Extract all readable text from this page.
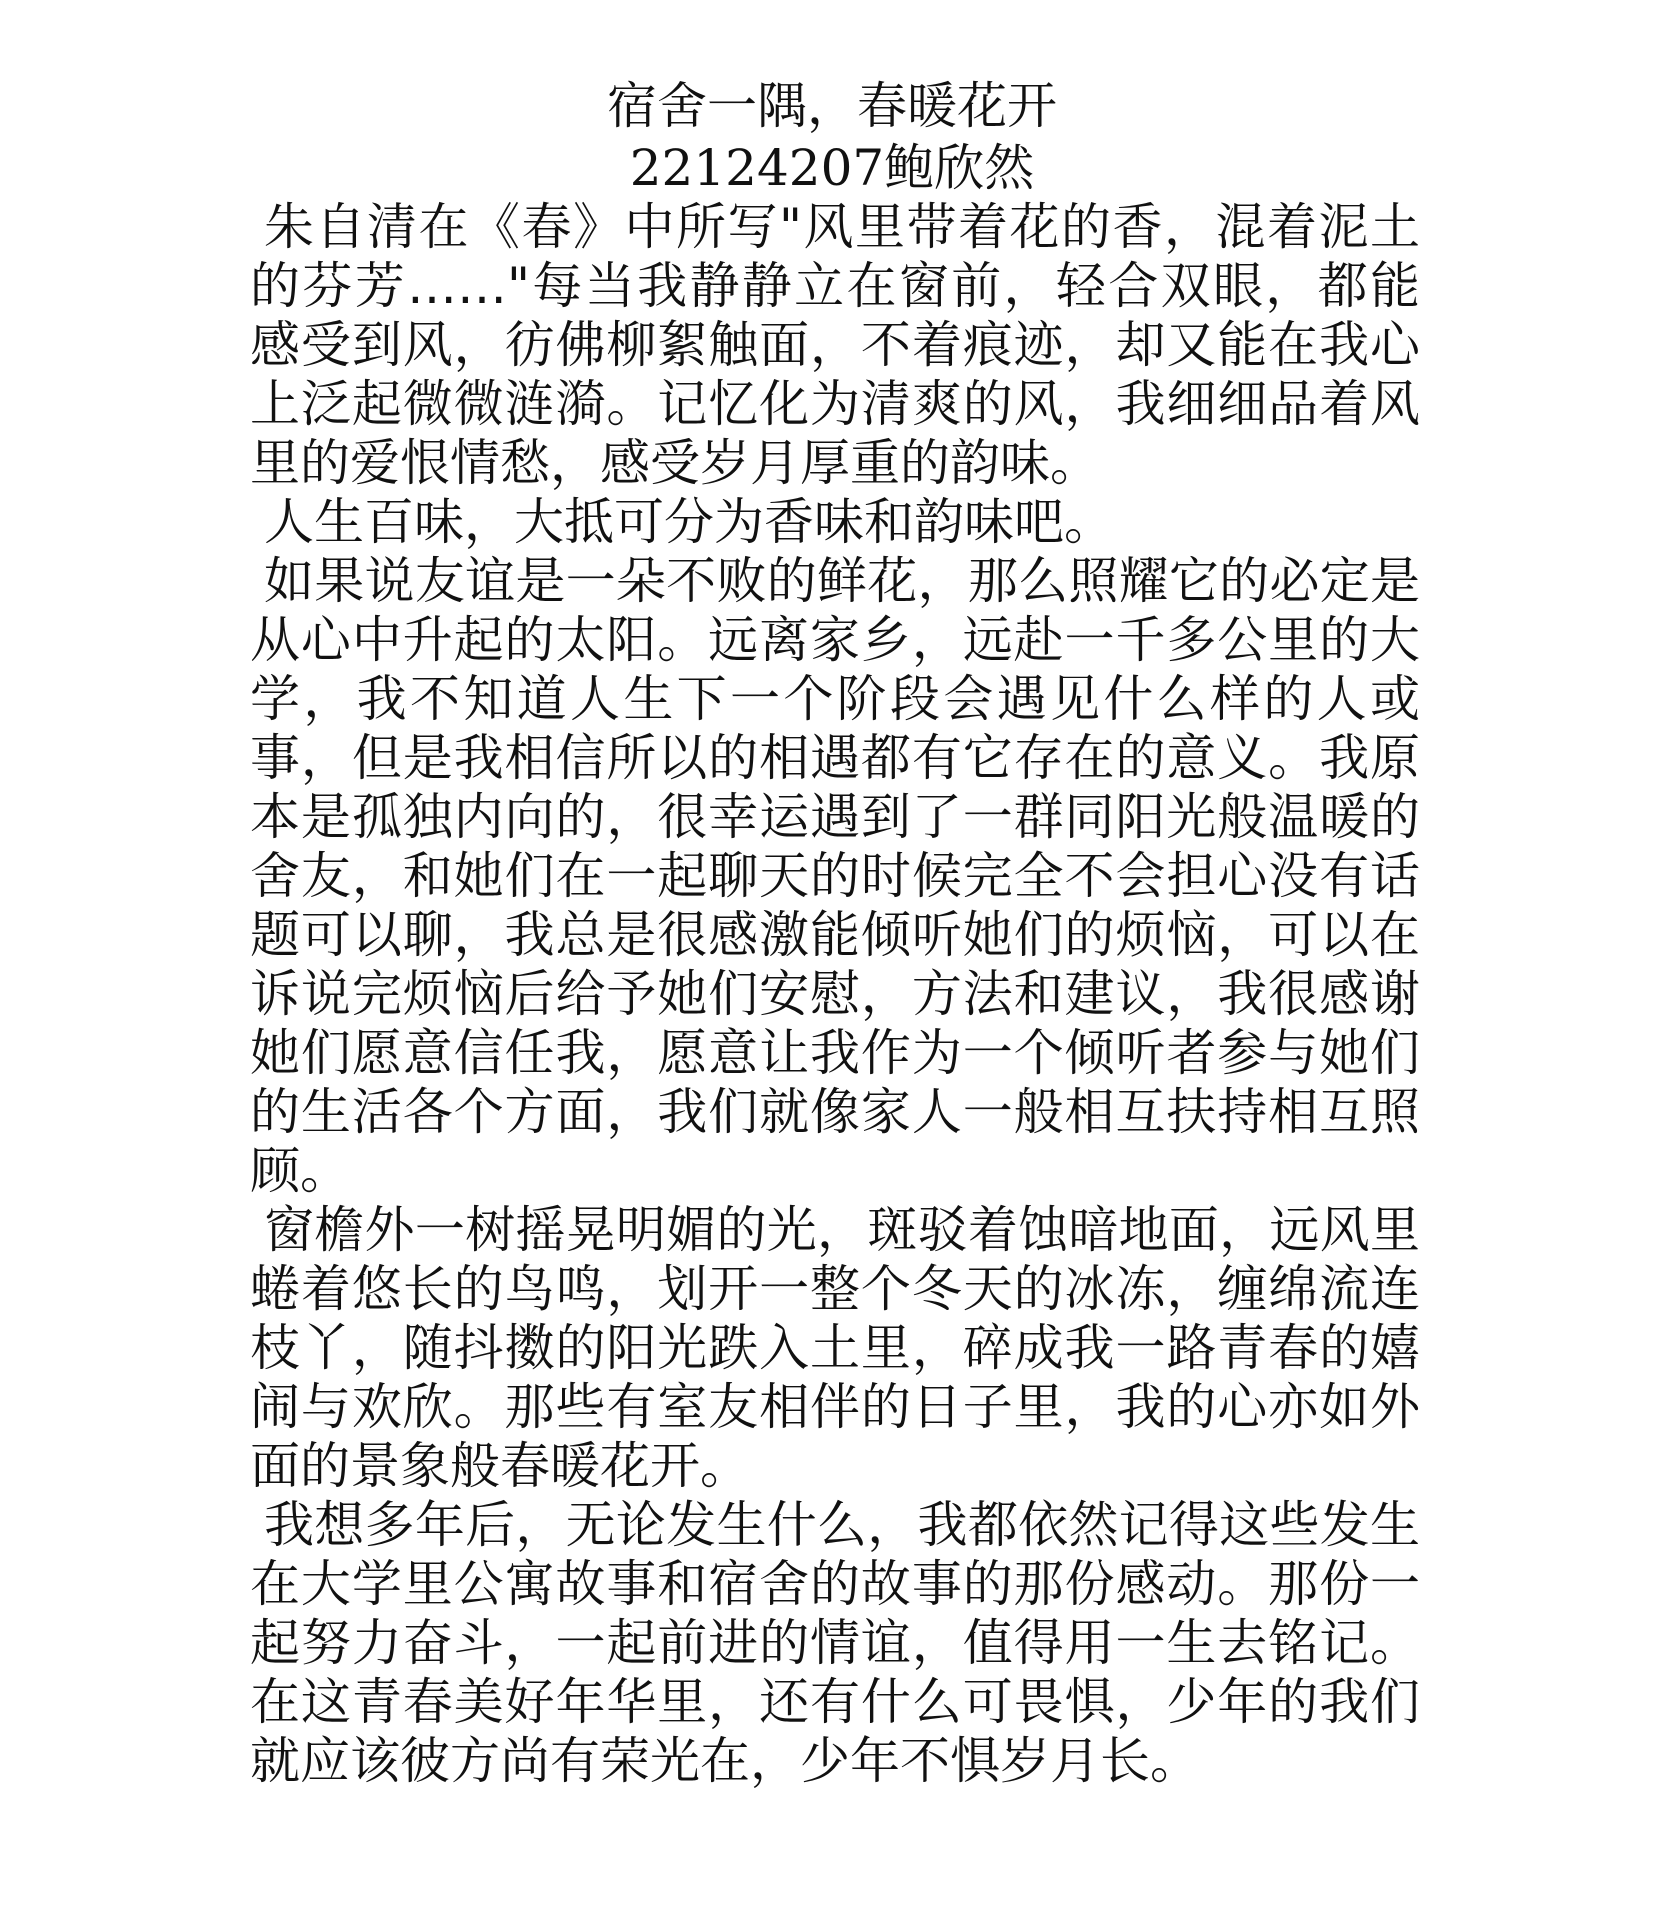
宿舍一隅，春暖花开
22124207鲍欣然

朱自清在《春》中所写"风里带着花的香，混着泥土的芬芳……"每当我静静立在窗前，轻合双眼，都能感受到风，彷佛柳絮触面，不着痕迹，却又能在我心上泛起微微涟漪。记忆化为清爽的风，我细细品着风里的爱恨情愁，感受岁月厚重的韵味。

人生百味，大抵可分为香味和韵味吧。

如果说友谊是一朵不败的鲜花，那么照耀它的必定是从心中升起的太阳。远离家乡，远赴一千多公里的大学，我不知道人生下一个阶段会遇见什么样的人或事，但是我相信所以的相遇都有它存在的意义。我原本是孤独内向的，很幸运遇到了一群同阳光般温暖的舍友，和她们在一起聊天的时候完全不会担心没有话题可以聊，我总是很感激能倾听她们的烦恼，可以在诉说完烦恼后给予她们安慰，方法和建议，我很感谢她们愿意信任我，愿意让我作为一个倾听者参与她们的生活各个方面，我们就像家人一般相互扶持相互照顾。

窗檐外一树摇晃明媚的光，斑驳着蚀暗地面，远风里蜷着悠长的鸟鸣，划开一整个冬天的冰冻，缠绵流连枝丫，随抖擞的阳光跌入土里，碎成我一路青春的嬉闹与欢欣。那些有室友相伴的日子里，我的心亦如外面的景象般春暖花开。

我想多年后，无论发生什么，我都依然记得这些发生在大学里公寓故事和宿舍的故事的那份感动。那份一起努力奋斗，一起前进的情谊，值得用一生去铭记。在这青春美好年华里，还有什么可畏惧，少年的我们就应该彼方尚有荣光在，少年不惧岁月长。
